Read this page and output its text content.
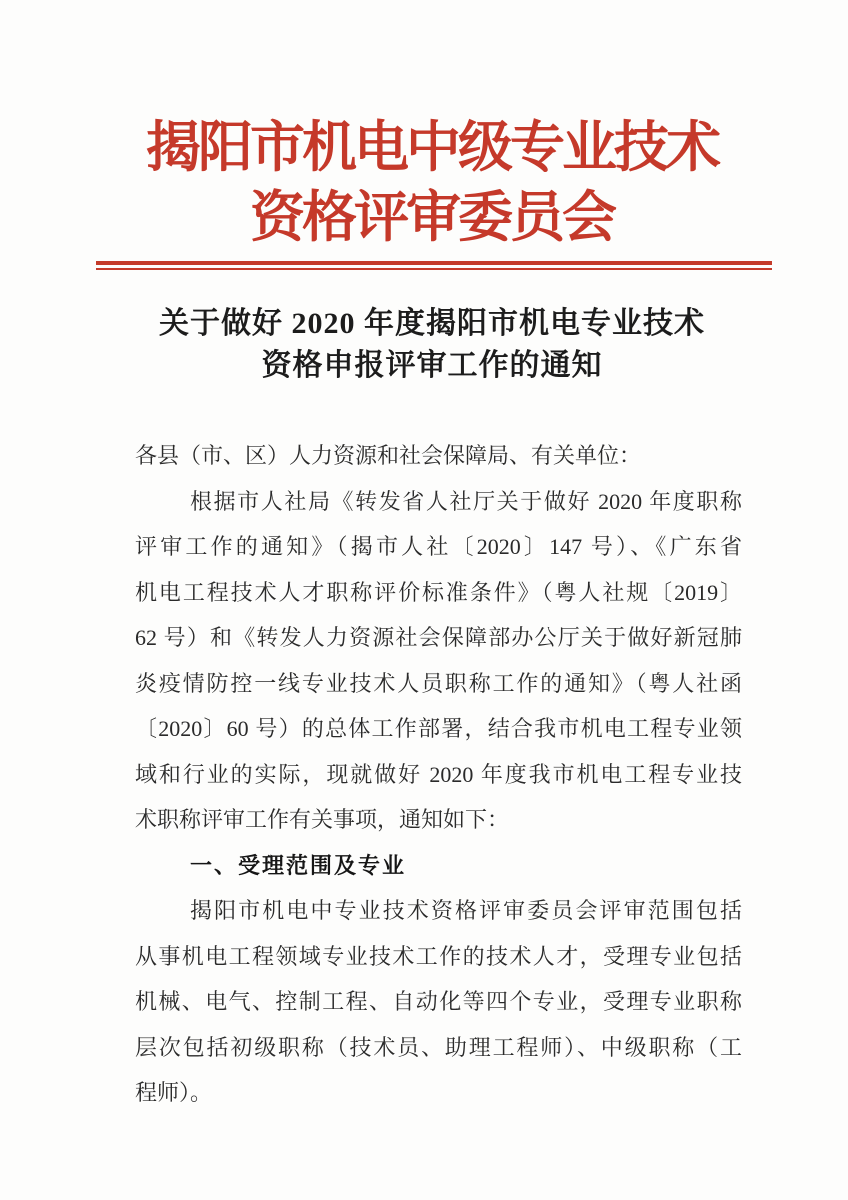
揭阳市机电中级专业技术
资格评审委员会
关于做好 2020 年度揭阳市机电专业技术
资格申报评审工作的通知
各县（市、区）人力资源和社会保障局、有关单位：
根据市人社局《转发省人社厅关于做好 2020 年度职称
评审工作的通知》（揭市人社〔2020〕147 号）、《广东省
机电工程技术人才职称评价标准条件》（粤人社规〔2019〕
62 号）和《转发人力资源社会保障部办公厅关于做好新冠肺
炎疫情防控一线专业技术人员职称工作的通知》（粤人社函
〔2020〕60 号）的总体工作部署，结合我市机电工程专业领
域和行业的实际，现就做好 2020 年度我市机电工程专业技
术职称评审工作有关事项，通知如下：
一、受理范围及专业
揭阳市机电中专业技术资格评审委员会评审范围包括
从事机电工程领域专业技术工作的技术人才，受理专业包括
机械、电气、控制工程、自动化等四个专业，受理专业职称
层次包括初级职称（技术员、助理工程师）、中级职称（工
程师）。
